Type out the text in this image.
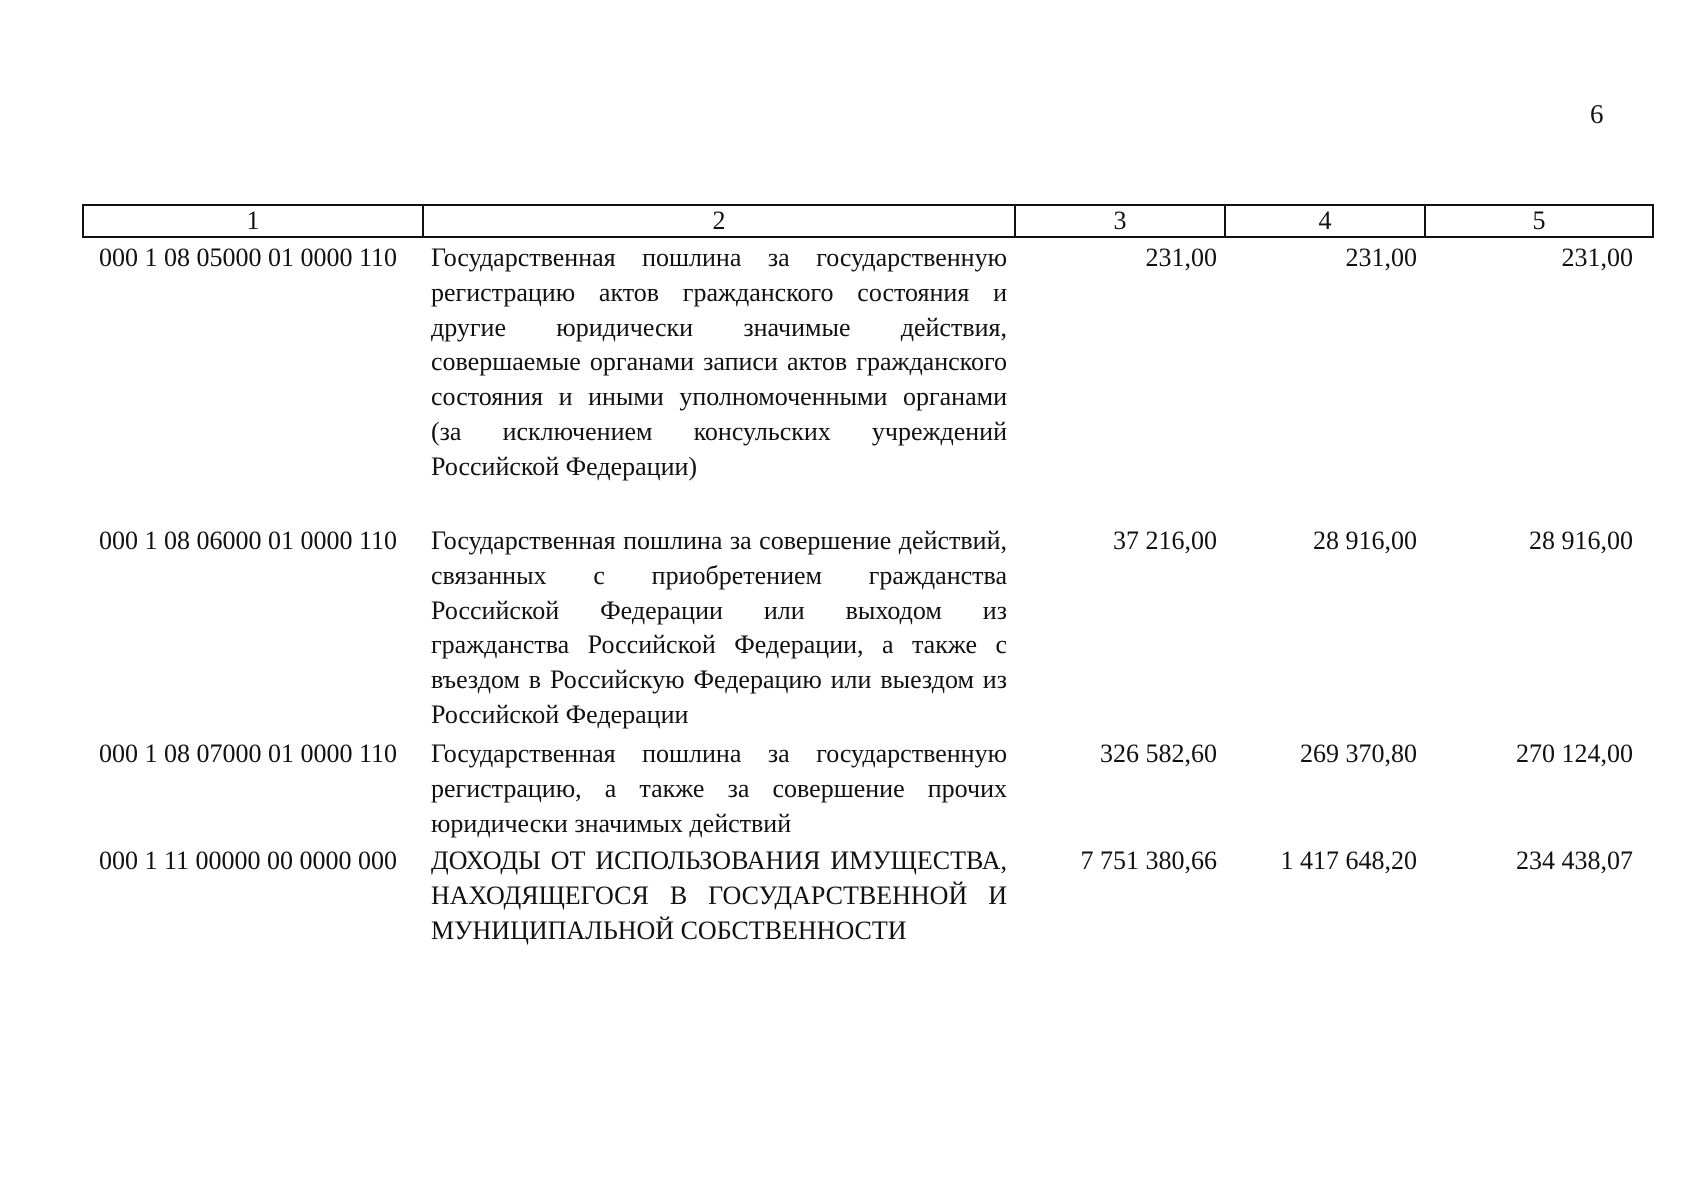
6
1	2	3	4	5
000 1 08 05000 01 0000 110	Государственная пошлина за государственную регистрацию актов гражданского состояния и другие юридически значимые действия, совершаемые органами записи актов гражданского состояния и иными уполномоченными органами (за исключением консульских учреждений Российской Федерации)	231,00	231,00	231,00
000 1 08 06000 01 0000 110	Государственная пошлина за совершение действий, связанных с приобретением гражданства Российской Федерации или выходом из гражданства Российской Федерации, а также с въездом в Российскую Федерацию или выездом из Российской Федерации	37 216,00	28 916,00	28 916,00
000 1 08 07000 01 0000 110	Государственная пошлина за государственную регистрацию, а также за совершение прочих юридически значимых действий	326 582,60	269 370,80	270 124,00
000 1 11 00000 00 0000 000	ДОХОДЫ ОТ ИСПОЛЬЗОВАНИЯ ИМУЩЕСТВА, НАХОДЯЩЕГОСЯ В ГОСУДАРСТВЕННОЙ И МУНИЦИПАЛЬНОЙ СОБСТВЕННОСТИ	7 751 380,66	1 417 648,20	234 438,07
